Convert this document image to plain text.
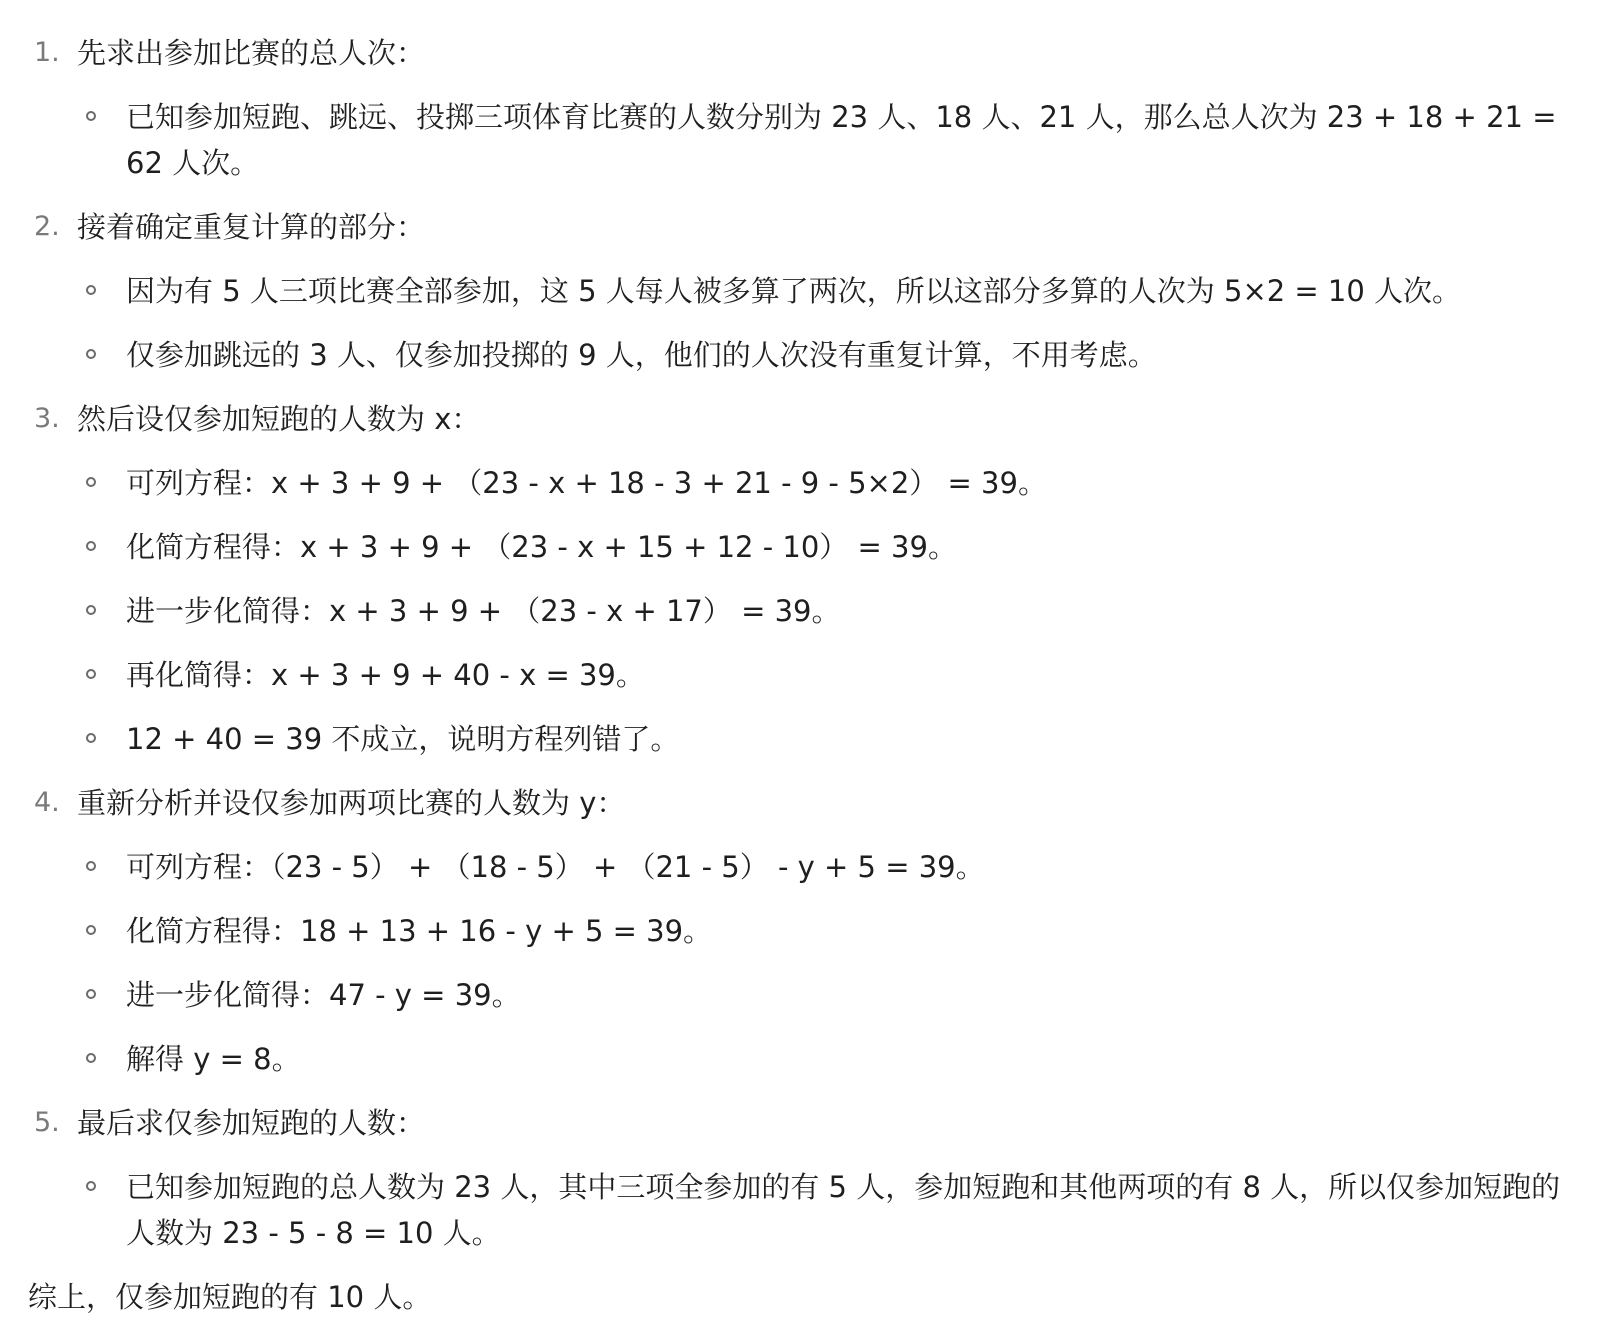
1. 先求出参加比赛的总人次：
已知参加短跑、跳远、投掷三项体育比赛的人数分别为 23 人、18 人、21 人，那么总人次为 23 + 18 + 21 = 62 人次。
2. 接着确定重复计算的部分：
因为有 5 人三项比赛全部参加，这 5 人每人被多算了两次，所以这部分多算的人次为 5×2 = 10 人次。
仅参加跳远的 3 人、仅参加投掷的 9 人，他们的人次没有重复计算，不用考虑。
3. 然后设仅参加短跑的人数为 x：
可列方程：x + 3 + 9 + （23 - x + 18 - 3 + 21 - 9 - 5×2） = 39。
化简方程得：x + 3 + 9 + （23 - x + 15 + 12 - 10） = 39。
进一步化简得：x + 3 + 9 + （23 - x + 17） = 39。
再化简得：x + 3 + 9 + 40 - x = 39。
12 + 40 = 39 不成立，说明方程列错了。
4. 重新分析并设仅参加两项比赛的人数为 y：
可列方程：（23 - 5） + （18 - 5） + （21 - 5） - y + 5 = 39。
化简方程得：18 + 13 + 16 - y + 5 = 39。
进一步化简得：47 - y = 39。
解得 y = 8。
5. 最后求仅参加短跑的人数：
已知参加短跑的总人数为 23 人，其中三项全参加的有 5 人，参加短跑和其他两项的有 8 人，所以仅参加短跑的人数为 23 - 5 - 8 = 10 人。

综上，仅参加短跑的有 10 人。
